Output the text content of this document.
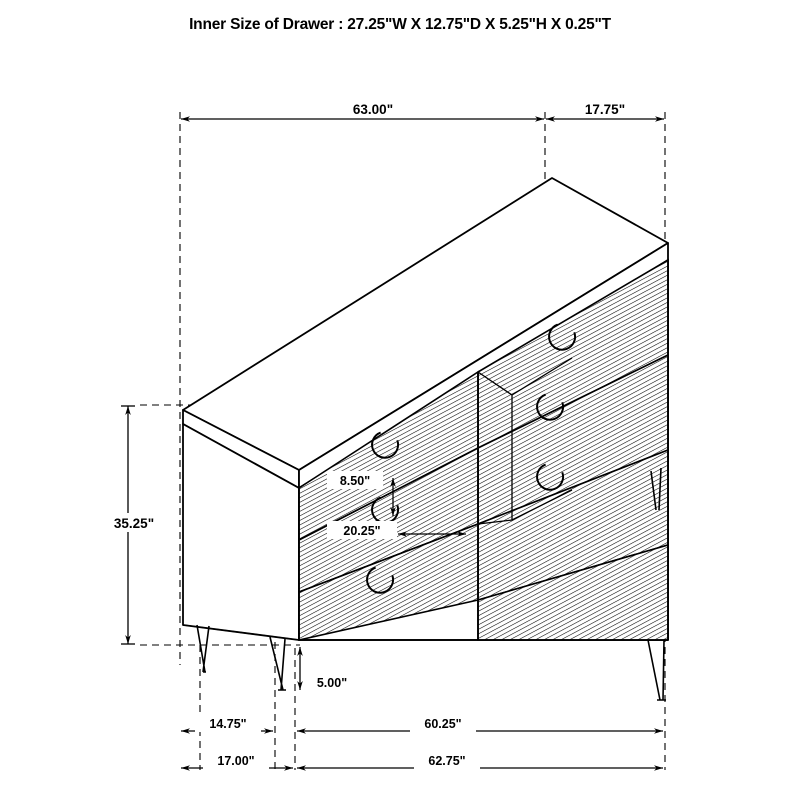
Inner Size of Drawer : 27.25"W X 12.75"D X 5.25"H X 0.25"T
63.00"	17.75"
35.25"
8.50"
20.25"
5.00"
14.75"	60.25"
17.00"	62.75"
